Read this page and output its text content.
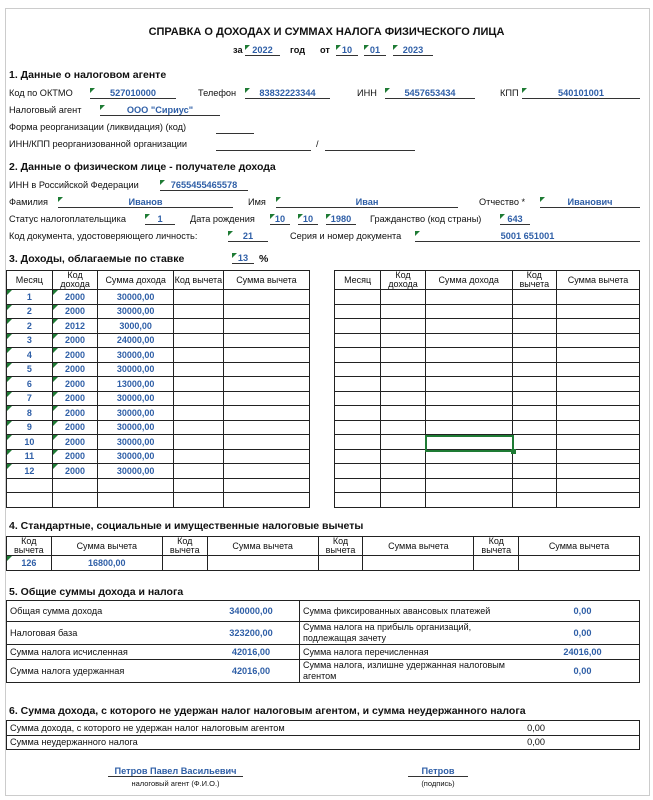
СПРАВКА О ДОХОДАХ И СУММАХ НАЛОГА ФИЗИЧЕСКОГО ЛИЦА
за	2022	год от	10	01	2023
1. Данные о налоговом агенте
Код по ОКТМО	527010000	Телефон	83832223344	ИНН	5457653434	КПП	540101001
Налоговый агент	ООО "Сириус"
Форма реорганизации (ликвидация) (код)
ИНН/КПП реорганизованной организации	/
2. Данные о физическом лице - получателе дохода
ИНН в Российской Федерации	7655455465578
Фамилия	Иванов	Имя	Иван	Отчество *	Иванович
Статус налогоплательщика	1	Дата рождения	10	10	1980	Гражданство (код страны)	643
Код документа, удостоверяющего личность:	21	Серия и номер документа	5001 651001
3. Доходы, облагаемые по ставке	13	%
Месяц	Код дохода	Сумма дохода	Код вычета	Сумма вычета
1	2000	30000,00		
2	2000	30000,00		
2	2012	3000,00		
3	2000	24000,00		
4	2000	30000,00		
5	2000	30000,00		
6	2000	13000,00		
7	2000	30000,00		
8	2000	30000,00		
9	2000	30000,00		
10	2000	30000,00		
11	2000	30000,00		
12	2000	30000,00		

Месяц	Код дохода	Сумма дохода	Код вычета	Сумма вычета

4. Стандартные, социальные и имущественные налоговые вычеты
Код вычета	Сумма вычета	Код вычета	Сумма вычета	Код вычета	Сумма вычета	Код вычета	Сумма вычета
126	16800,00						
5. Общие суммы дохода и налога
Общая сумма дохода	340000,00	Сумма фиксированных авансовых платежей	0,00
Налоговая база	323200,00	Сумма налога на прибыль организаций, подлежащая зачету	0,00
Сумма налога исчисленная	42016,00	Сумма налога перечисленная	24016,00
Сумма налога удержанная	42016,00	Сумма налога, излишне удержанная налоговым агентом	0,00
6. Сумма дохода, с которого не удержан налог налоговым агентом, и сумма неудержанного налога
Сумма дохода, с которого не удержан налог налоговым агентом	0,00
Сумма неудержанного налога	0,00
Петров Павел Васильевич
налоговый агент (Ф.И.О.)
Петров
(подпись)
